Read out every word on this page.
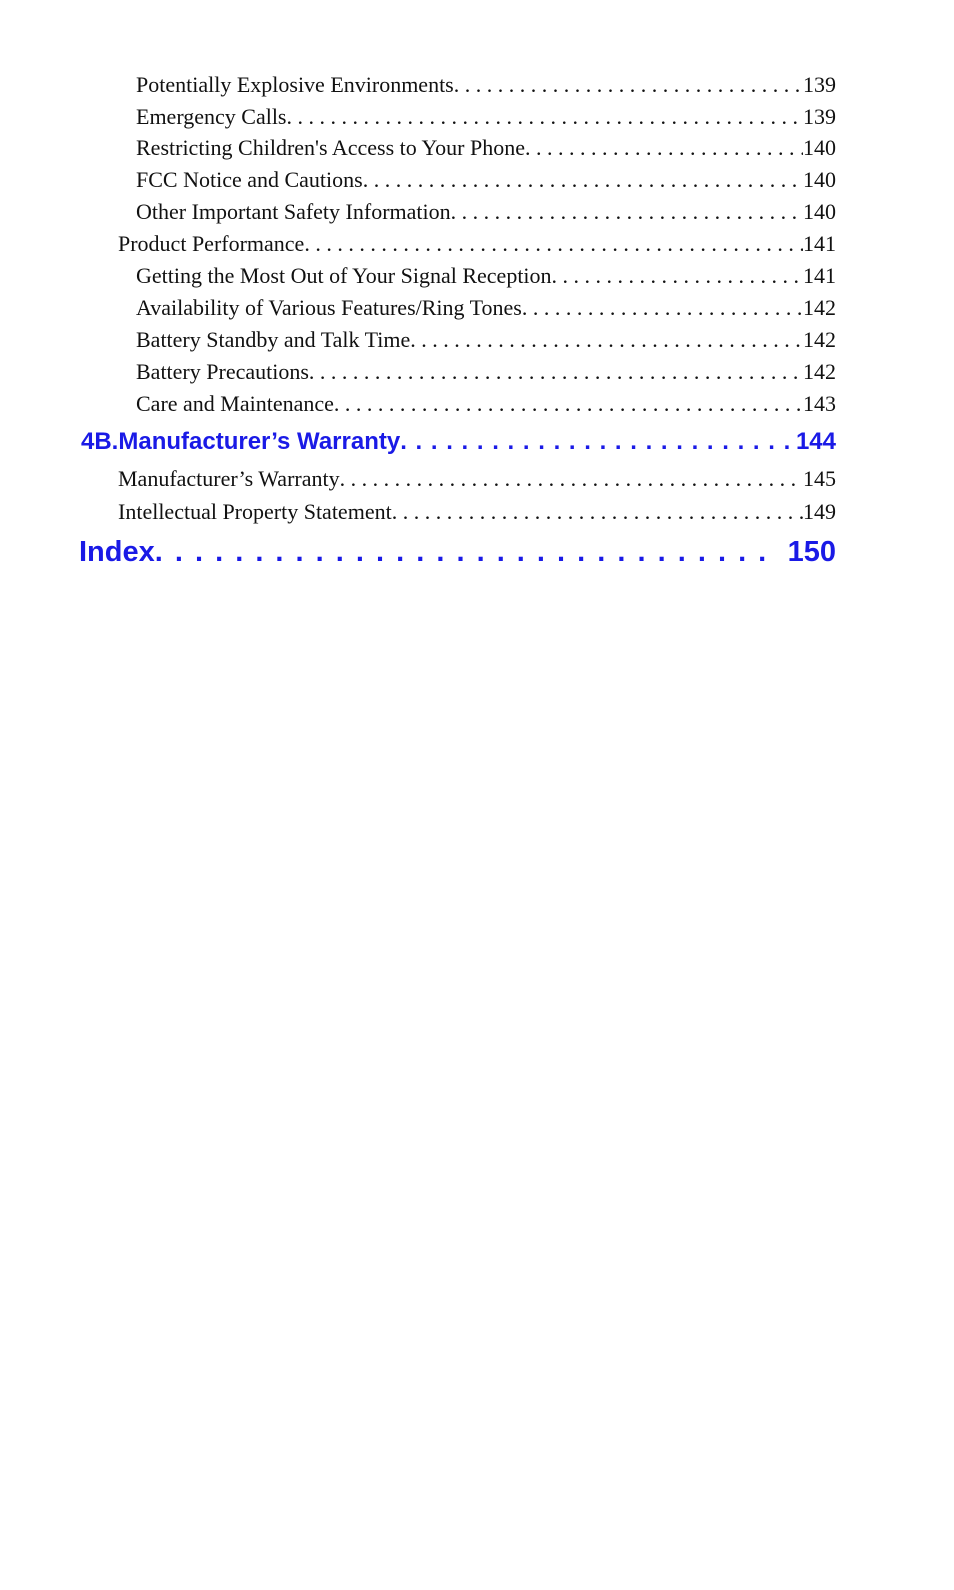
Potentially Explosive Environments . . .	139
Emergency Calls . . .	139
Restricting Children's Access to Your Phone . . .	140
FCC Notice and Cautions . . .	140
Other Important Safety Information . . .	140
Product Performance . . .	141
Getting the Most Out of Your Signal Reception . . .	141
Availability of Various Features/Ring Tones . . .	142
Battery Standby and Talk Time . . .	142
Battery Precautions . . .	142
Care and Maintenance . . .	143
4B.Manufacturer’s Warranty . . .	144
Manufacturer’s Warranty . . .	145
Intellectual Property Statement . . .	149
Index . . .	150
